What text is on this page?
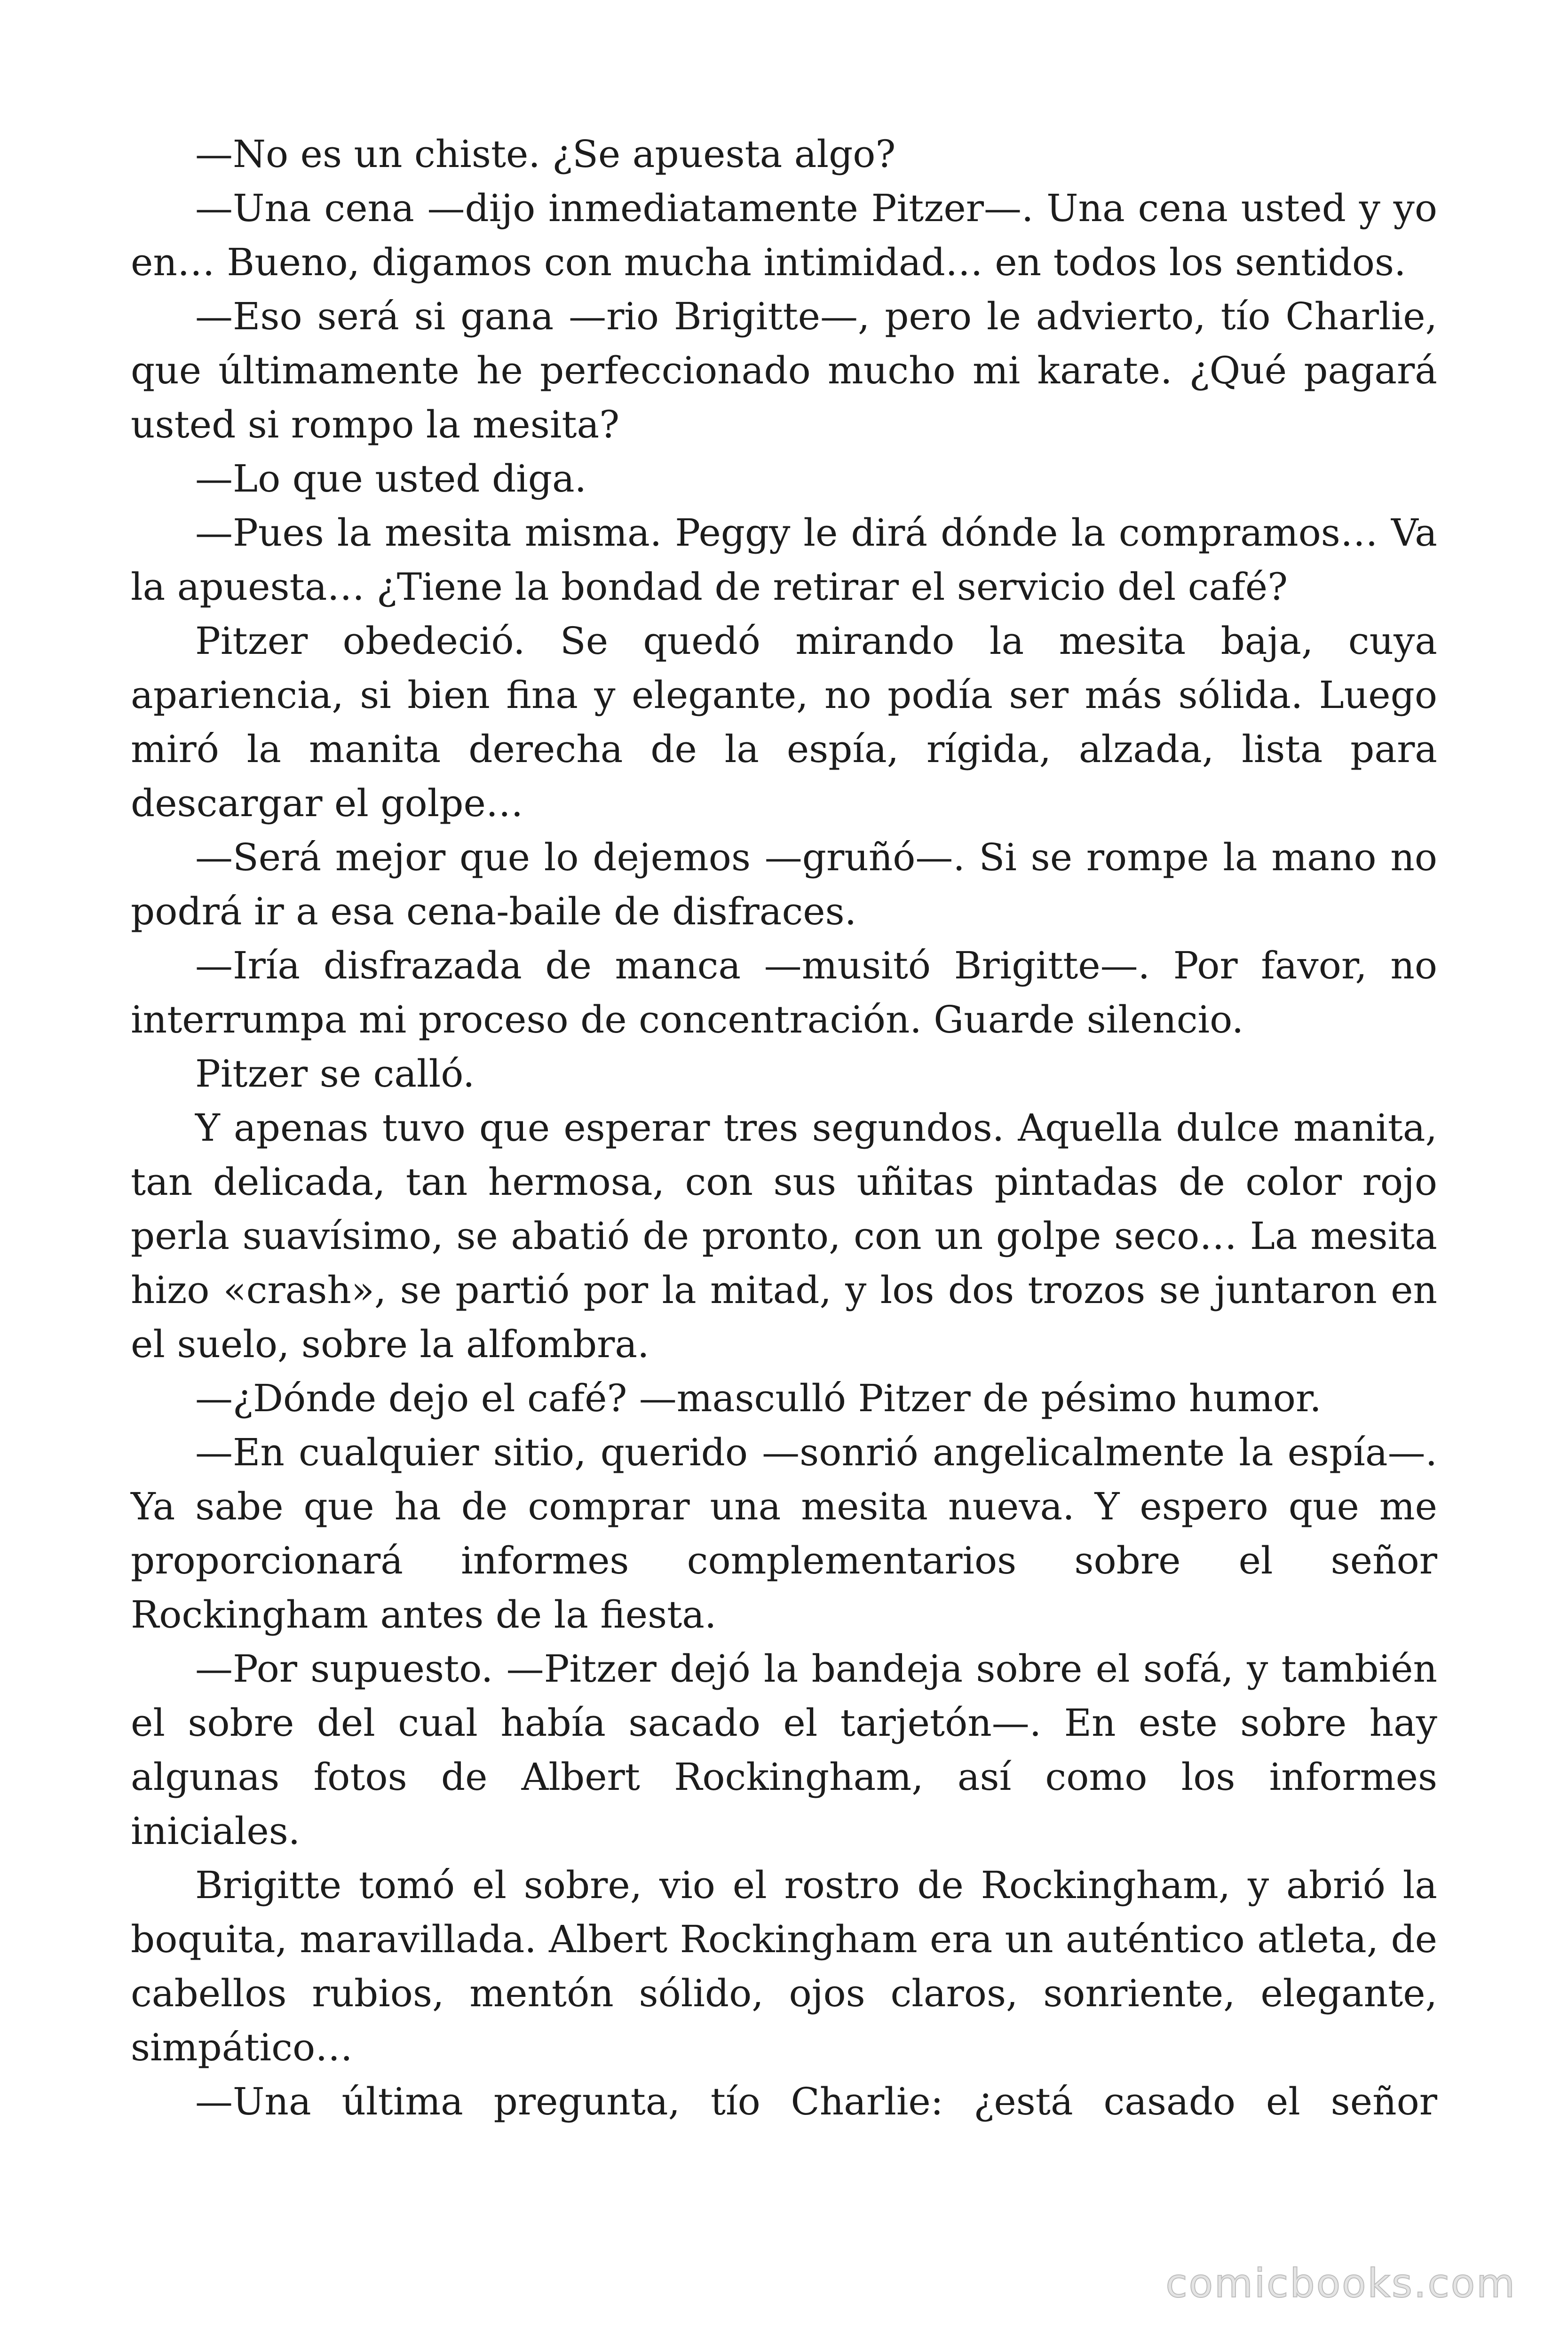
—No es un chiste. ¿Se apuesta algo?

—Una cena —dijo inmediatamente Pitzer—. Una cena usted y yo en… Bueno, digamos con mucha intimidad… en todos los sentidos.

—Eso será si gana —rio Brigitte—, pero le advierto, tío Charlie, que últimamente he perfeccionado mucho mi karate. ¿Qué pagará usted si rompo la mesita?

—Lo que usted diga.

—Pues la mesita misma. Peggy le dirá dónde la compramos… Va la apuesta… ¿Tiene la bondad de retirar el servicio del café?

Pitzer obedeció. Se quedó mirando la mesita baja, cuya apariencia, si bien fina y elegante, no podía ser más sólida. Luego miró la manita derecha de la espía, rígida, alzada, lista para descargar el golpe…

—Será mejor que lo dejemos —gruñó—. Si se rompe la mano no podrá ir a esa cena-baile de disfraces.

—Iría disfrazada de manca —musitó Brigitte—. Por favor, no interrumpa mi proceso de concentración. Guarde silencio.

Pitzer se calló.

Y apenas tuvo que esperar tres segundos. Aquella dulce manita, tan delicada, tan hermosa, con sus uñitas pintadas de color rojo perla suavísimo, se abatió de pronto, con un golpe seco… La mesita hizo «crash», se partió por la mitad, y los dos trozos se juntaron en el suelo, sobre la alfombra.

—¿Dónde dejo el café? —masculló Pitzer de pésimo humor.

—En cualquier sitio, querido —sonrió angelicalmente la espía—. Ya sabe que ha de comprar una mesita nueva. Y espero que me proporcionará informes complementarios sobre el señor Rockingham antes de la fiesta.

—Por supuesto. —Pitzer dejó la bandeja sobre el sofá, y también el sobre del cual había sacado el tarjetón—. En este sobre hay algunas fotos de Albert Rockingham, así como los informes iniciales.

Brigitte tomó el sobre, vio el rostro de Rockingham, y abrió la boquita, maravillada. Albert Rockingham era un auténtico atleta, de cabellos rubios, mentón sólido, ojos claros, sonriente, elegante, simpático…

—Una última pregunta, tío Charlie: ¿está casado el señor

comicbooks.com
